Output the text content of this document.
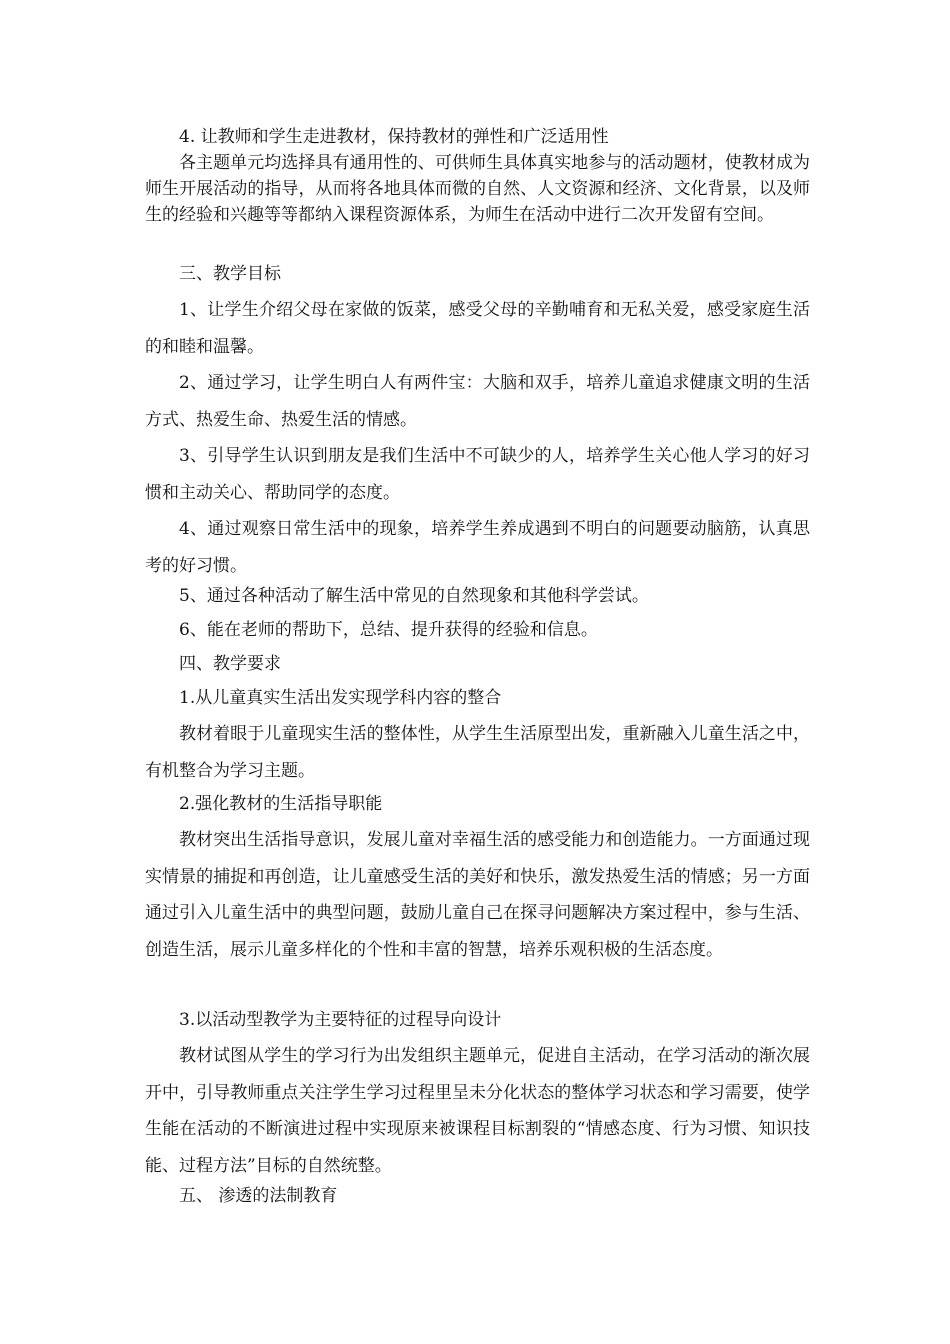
4. 让教师和学生走进教材，保持教材的弹性和广泛适用性

各主题单元均选择具有通用性的、可供师生具体真实地参与的活动题材，使教材成为师生开展活动的指导，从而将各地具体而微的自然、人文资源和经济、文化背景，以及师生的经验和兴趣等等都纳入课程资源体系，为师生在活动中进行二次开发留有空间。

三、教学目标

1、让学生介绍父母在家做的饭菜，感受父母的辛勤哺育和无私关爱，感受家庭生活的和睦和温馨。

2、通过学习，让学生明白人有两件宝：大脑和双手，培养儿童追求健康文明的生活方式、热爱生命、热爱生活的情感。

3、引导学生认识到朋友是我们生活中不可缺少的人，培养学生关心他人学习的好习惯和主动关心、帮助同学的态度。

4、通过观察日常生活中的现象，培养学生养成遇到不明白的问题要动脑筋，认真思考的好习惯。

5、通过各种活动了解生活中常见的自然现象和其他科学尝试。

6、能在老师的帮助下，总结、提升获得的经验和信息。

四、教学要求

1.从儿童真实生活出发实现学科内容的整合

教材着眼于儿童现实生活的整体性，从学生生活原型出发，重新融入儿童生活之中，有机整合为学习主题。

2.强化教材的生活指导职能

教材突出生活指导意识，发展儿童对幸福生活的感受能力和创造能力。一方面通过现实情景的捕捉和再创造，让儿童感受生活的美好和快乐，激发热爱生活的情感；另一方面通过引入儿童生活中的典型问题，鼓励儿童自己在探寻问题解决方案过程中，参与生活、创造生活，展示儿童多样化的个性和丰富的智慧，培养乐观积极的生活态度。

3.以活动型教学为主要特征的过程导向设计

教材试图从学生的学习行为出发组织主题单元，促进自主活动，在学习活动的渐次展开中，引导教师重点关注学生学习过程里呈未分化状态的整体学习状态和学习需要，使学生能在活动的不断演进过程中实现原来被课程目标割裂的“情感态度、行为习惯、知识技能、过程方法”目标的自然统整。

五、 渗透的法制教育
